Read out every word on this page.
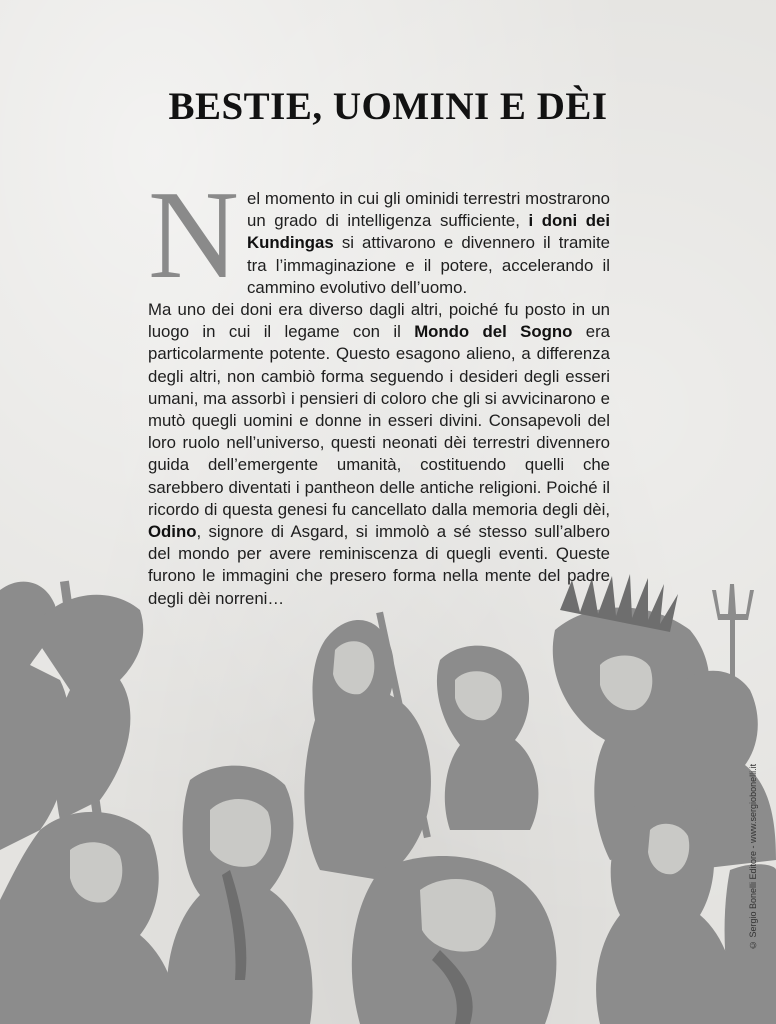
BESTIE, UOMINI E DÈI
N el momento in cui gli ominidi terrestri mostrarono un grado di intelligenza sufficiente, i doni dei Kundingas si attivarono e divennero il tramite tra l’immaginazione e il potere, accelerando il cammino evolutivo dell’uomo.

Ma uno dei doni era diverso dagli altri, poiché fu posto in un luogo in cui il legame con il Mondo del Sogno era particolarmente potente. Questo esagono alieno, a differenza degli altri, non cambiò forma seguendo i desideri degli esseri umani, ma assorbì i pensieri di coloro che gli si avvicinarono e mutò quegli uomini e donne in esseri divini. Consapevoli del loro ruolo nell’universo, questi neonati dèi terrestri divennero guida dell’emergente umanità, costituendo quelli che sarebbero diventati i pantheon delle antiche religioni. Poiché il ricordo di questa genesi fu cancellato dalla memoria degli dèi, Odino, signore di Asgard, si immolò a sé stesso sull’albero del mondo per avere reminiscenza di quegli eventi. Queste furono le immagini che presero forma nella mente del padre degli dèi norreni…

© Sergio Bonelli Editore - www.sergiobonelli.it
